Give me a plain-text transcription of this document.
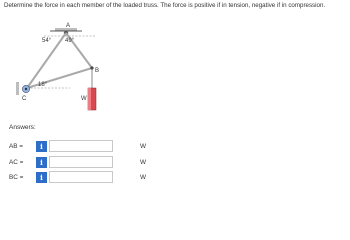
Determine the force in each member of the loaded truss. The force is positive if in tension, negative if in compression.
A
B
C	W
54° 49°
18°
Answers:
AB =	i	W
AC =	i	W
BC =	i	W
